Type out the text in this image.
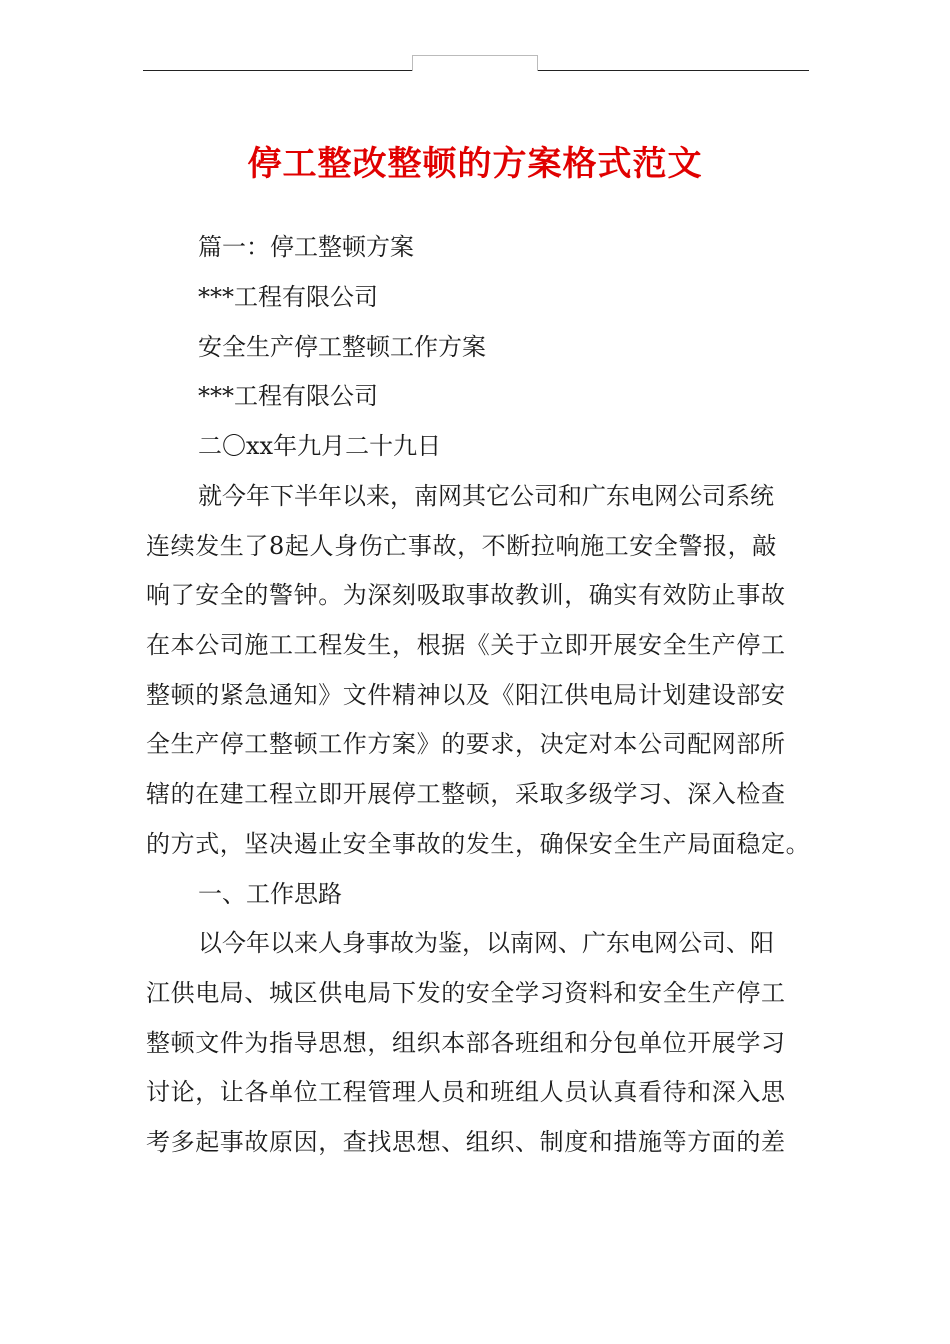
停工整改整顿的方案格式范文
篇一：停工整顿方案
***工程有限公司
安全生产停工整顿工作方案
***工程有限公司
二〇xx年九月二十九日
就今年下半年以来，南网其它公司和广东电网公司系统
连续发生了8起人身伤亡事故，不断拉响施工安全警报，敲
响了安全的警钟。为深刻吸取事故教训，确实有效防止事故
在本公司施工工程发生，根据《关于立即开展安全生产停工
整顿的紧急通知》文件精神以及《阳江供电局计划建设部安
全生产停工整顿工作方案》的要求，决定对本公司配网部所
辖的在建工程立即开展停工整顿，采取多级学习、深入检查
的方式，坚决遏止安全事故的发生，确保安全生产局面稳定。
一、工作思路
以今年以来人身事故为鉴，以南网、广东电网公司、阳
江供电局、城区供电局下发的安全学习资料和安全生产停工
整顿文件为指导思想，组织本部各班组和分包单位开展学习
讨论，让各单位工程管理人员和班组人员认真看待和深入思
考多起事故原因，查找思想、组织、制度和措施等方面的差
